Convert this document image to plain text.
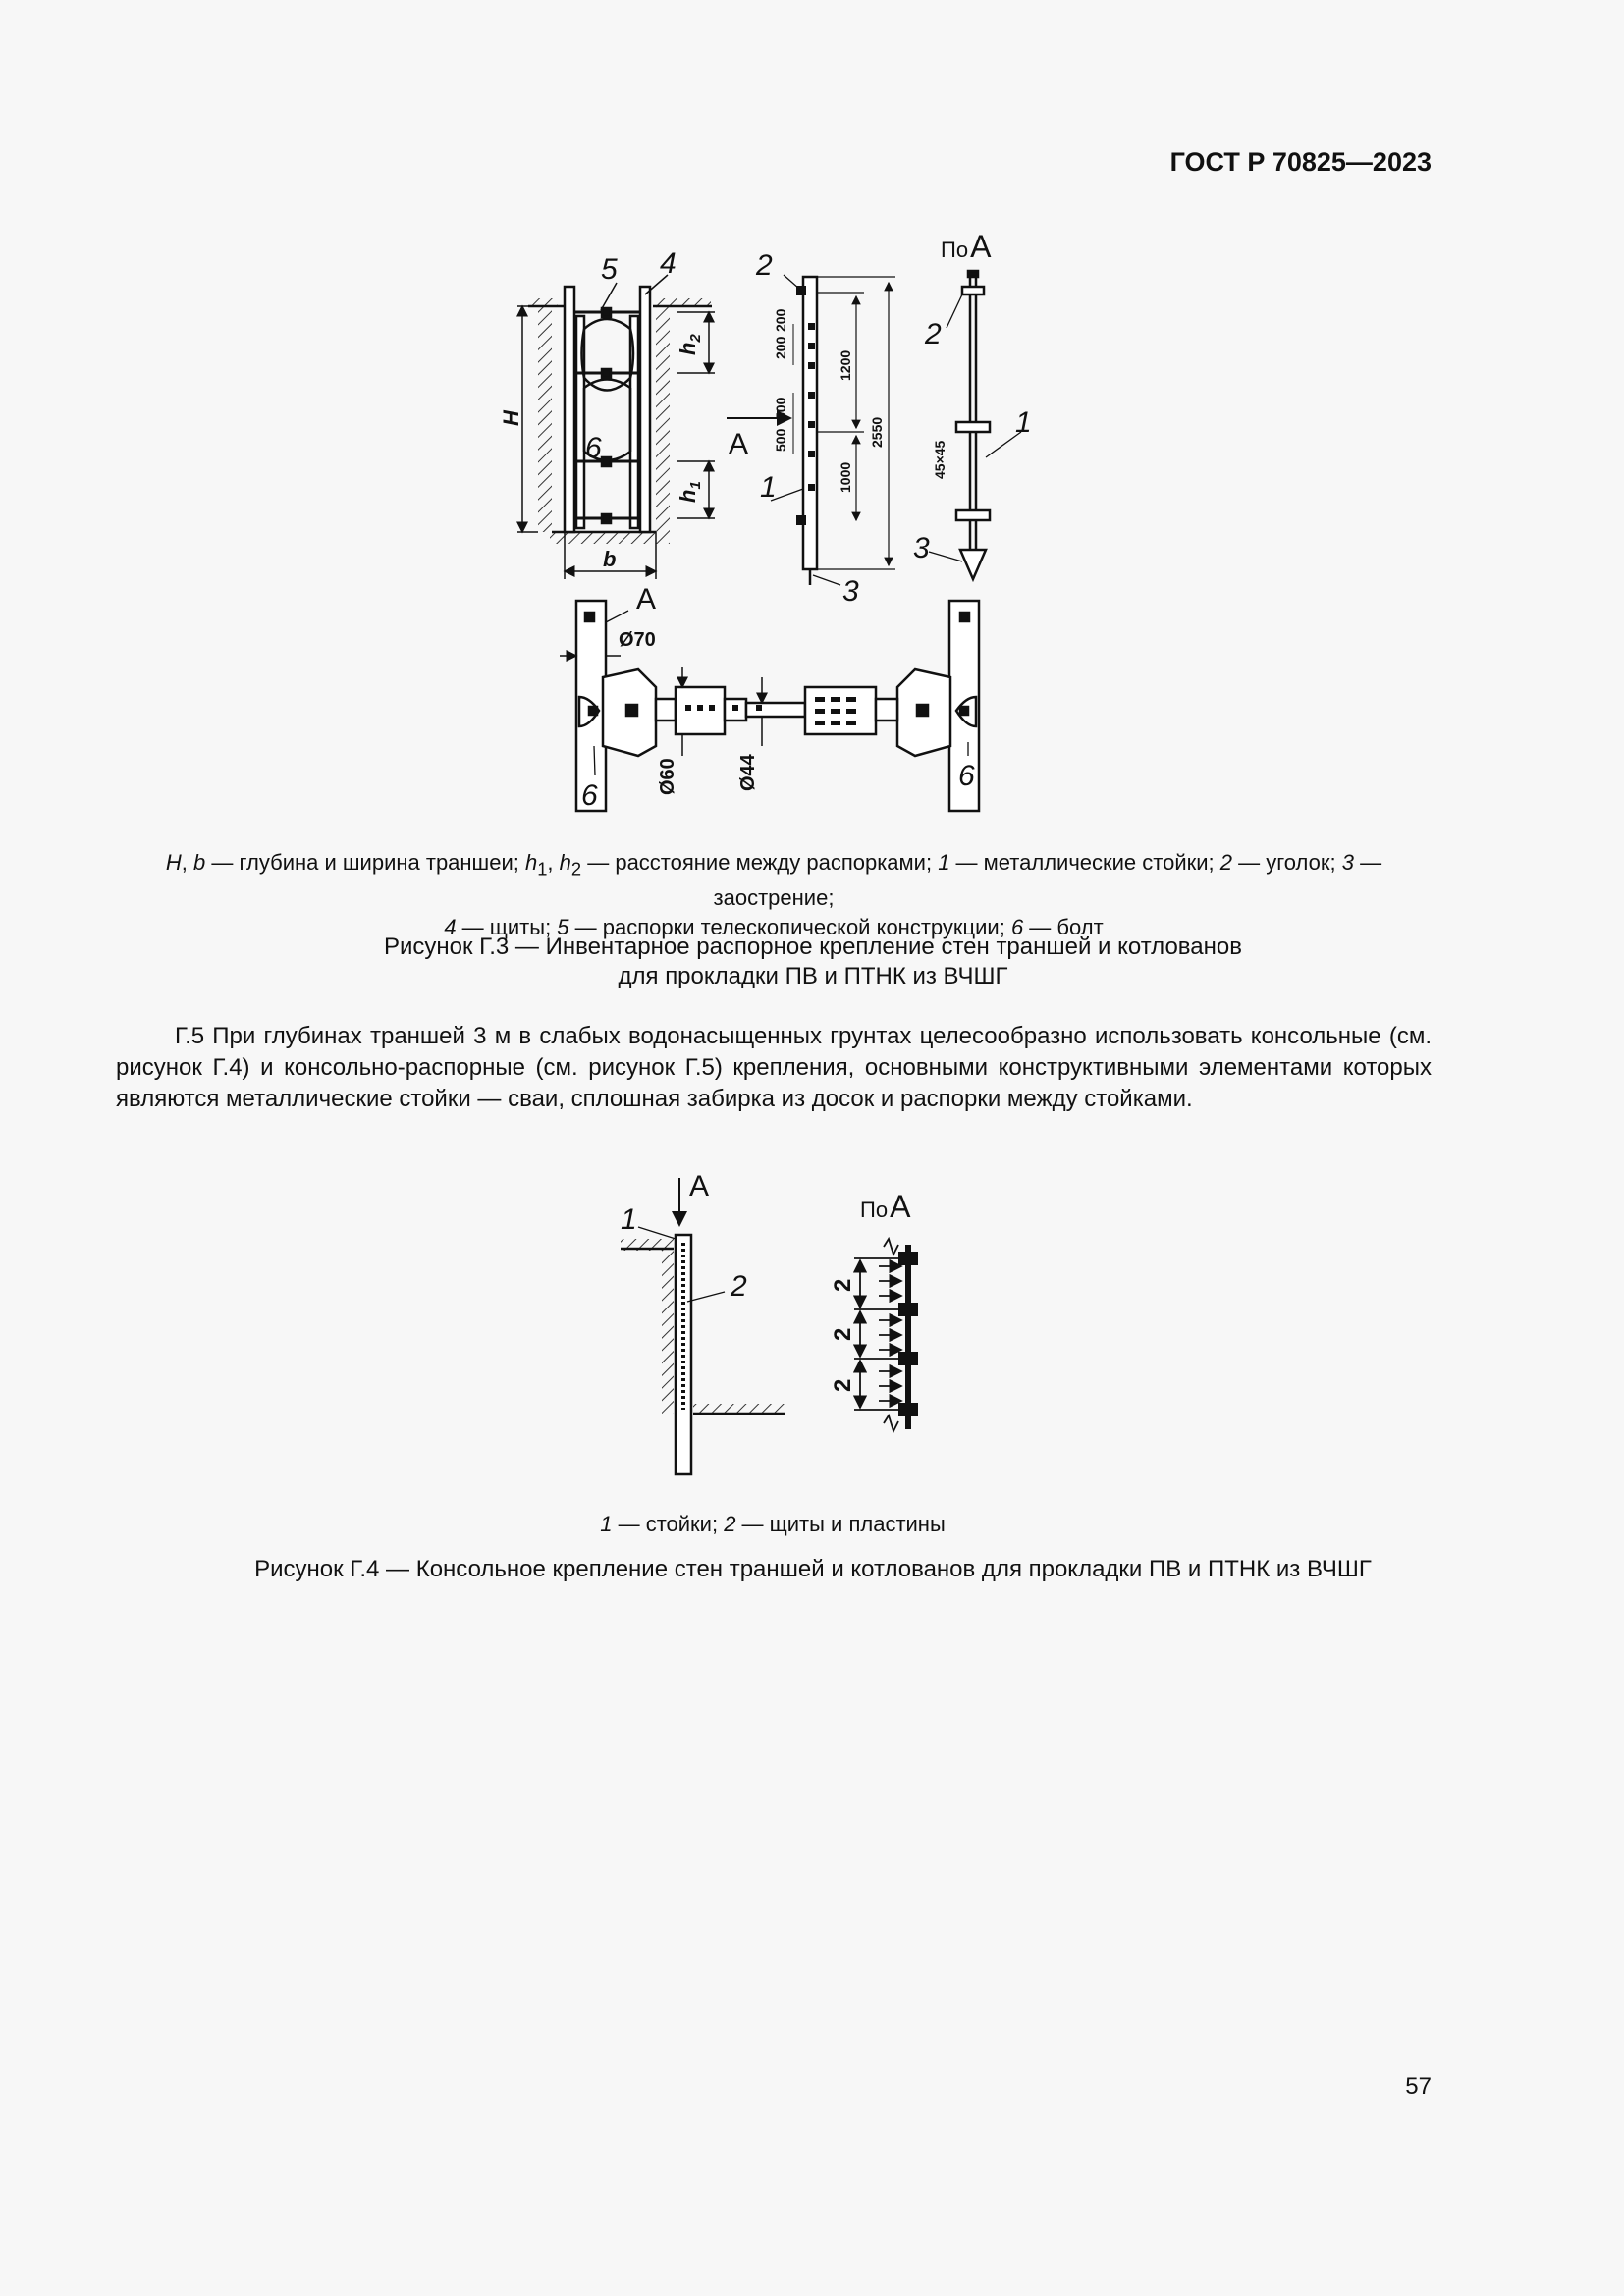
ГОСТ Р 70825—2023
5 4
6
H
b
$h_2$
$h_1$
2
1
3
А
200
200
500
500
1200
1000
2550
ПоА
2
1
3
45×45
А
Ø70
Ø60	Ø44
6
6
H, b — глубина и ширина траншеи; $h_1$, $h_2$ — расстояние между распорками; 1 — металлические стойки; 2 — уголок; 3 — заострение;
4 — щиты; 5 — распорки телескопической конструкции; 6 — болт
Рисунок Г.3 — Инвентарное распорное крепление стен траншей и котлованов
для прокладки ПВ и ПТНК из ВЧШГ
Г.5 При глубинах траншей 3 м в слабых водонасыщенных грунтах целесообразно использовать консольные (см. рисунок Г.4) и консольно-распорные (см. рисунок Г.5) крепления, основными конструктивными элементами которых являются металлические стойки — сваи, сплошная забирка из досок и распорки между стойками.
А
1
2
ПоА
2
2
2
1 — стойки; 2 — щиты и пластины
Рисунок Г.4 — Консольное крепление стен траншей и котлованов для прокладки ПВ и ПТНК из ВЧШГ
57
